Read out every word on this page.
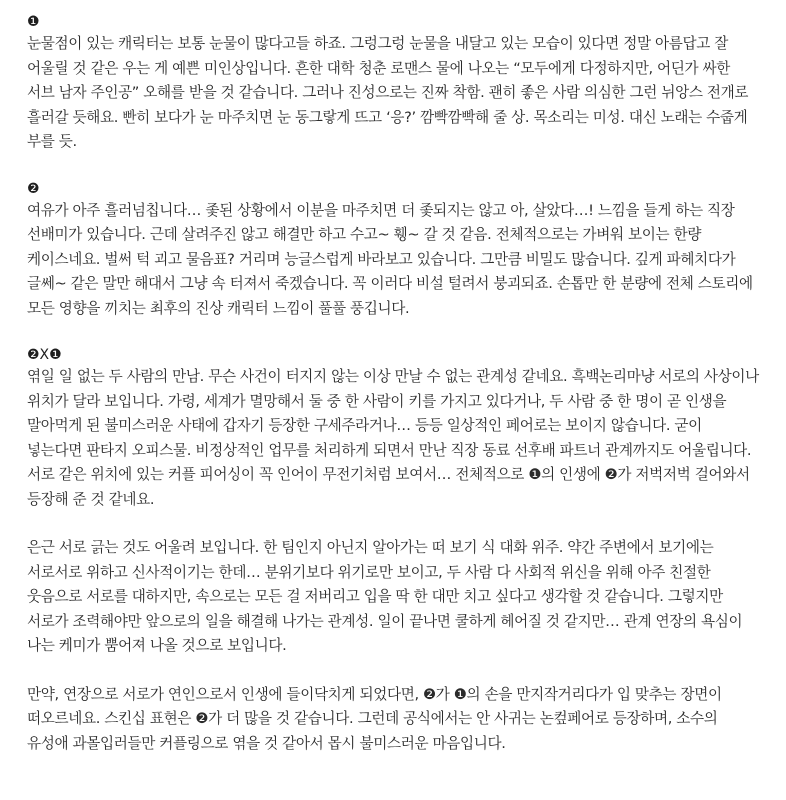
❶

눈물점이 있는 캐릭터는 보통 눈물이 많다고들 하죠. 그렁그렁 눈물을 내달고 있는 모습이 있다면 정말 아름답고 잘 어울릴 것 같은 우는 게 예쁜 미인상입니다. 흔한 대학 청춘 로맨스 물에 나오는 “모두에게 다정하지만, 어딘가 싸한 서브 남자 주인공” 오해를 받을 것 같습니다. 그러나 진성으로는 진짜 착함. 괜히 좋은 사람 의심한 그런 뉘앙스 전개로 흘러갈 듯해요. 빤히 보다가 눈 마주치면 눈 동그랗게 뜨고 ‘응?’ 깜빡깜빡해 줄 상. 목소리는 미성. 대신 노래는 수줍게 부를 듯.

❷

여유가 아주 흘러넘칩니다… 좇된 상황에서 이분을 마주치면 더 좇되지는 않고 아, 살았다…! 느낌을 들게 하는 직장 선배미가 있습니다. 근데 살려주진 않고 해결만 하고 수고~ 휑~ 갈 것 같음. 전체적으로는 가벼워 보이는 한량 케이스네요. 벌써 턱 괴고 물음표? 거리며 능글스럽게 바라보고 있습니다. 그만큼 비밀도 많습니다. 깊게 파헤치다가 글쎄~ 같은 말만 해대서 그냥 속 터져서 죽겠습니다. 꼭 이러다 비설 털려서 붕괴되죠. 손톱만 한 분량에 전체 스토리에 모든 영향을 끼치는 최후의 진상 캐릭터 느낌이 풀풀 풍깁니다.

❷X❶

엮일 일 없는 두 사람의 만남. 무슨 사건이 터지지 않는 이상 만날 수 없는 관계성 같네요. 흑백논리마냥 서로의 사상이나 위치가 달라 보입니다. 가령, 세계가 멸망해서 둘 중 한 사람이 키를 가지고 있다거나, 두 사람 중 한 명이 곧 인생을 말아먹게 된 불미스러운 사태에 갑자기 등장한 구세주라거나… 등등 일상적인 페어로는 보이지 않습니다. 굳이 넣는다면 판타지 오피스물. 비정상적인 업무를 처리하게 되면서 만난 직장 동료 선후배 파트너 관계까지도 어울립니다. 서로 같은 위치에 있는 커플 피어싱이 꼭 인어이 무전기처럼 보여서… 전체적으로 ❶의 인생에 ❷가 저벅저벅 걸어와서 등장해 준 것 같네요.

은근 서로 긁는 것도 어울려 보입니다. 한 팀인지 아닌지 알아가는 떠 보기 식 대화 위주. 약간 주변에서 보기에는 서로서로 위하고 신사적이기는 한데… 분위기보다 위기로만 보이고, 두 사람 다 사회적 위신을 위해 아주 친절한 웃음으로 서로를 대하지만, 속으로는 모든 걸 저버리고 입을 딱 한 대만 치고 싶다고 생각할 것 같습니다. 그렇지만 서로가 조력해야만 앞으로의 일을 해결해 나가는 관계성. 일이 끝나면 쿨하게 헤어질 것 같지만… 관계 연장의 욕심이 나는 케미가 뿜어져 나올 것으로 보입니다.

만약, 연장으로 서로가 연인으로서 인생에 들이닥치게 되었다면, ❷가 ❶의 손을 만지작거리다가 입 맞추는 장면이 떠오르네요. 스킨십 표현은 ❷가 더 많을 것 같습니다. 그런데 공식에서는 안 사귀는 논컾페어로 등장하며, 소수의 유성애 과몰입러들만 커플링으로 엮을 것 같아서 몹시 불미스러운 마음입니다.
